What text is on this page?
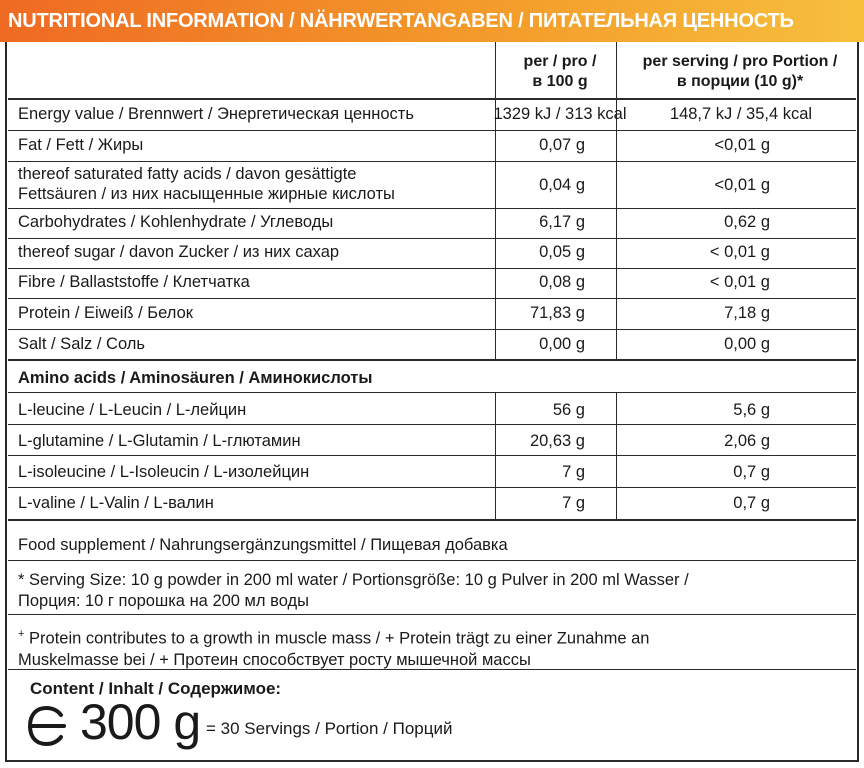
NUTRITIONAL INFORMATION / NÄHRWERTANGABEN / ПИТАТЕЛЬНАЯ ЦЕННОСТЬ
per / pro /
в 100 g
per serving / pro Portion /
в порции (10 g)*
Energy value / Brennwert / Энергетическая ценность	1329 kJ / 313 kcal	148,7 kJ / 35,4 kcal
Fat / Fett / Жиры	0,07 g	<0,01 g
thereof saturated fatty acids / davon gesättigte
Fettsäuren / из них насыщенные жирные кислоты	0,04 g	<0,01 g
Carbohydrates / Kohlenhydrate / Углеводы	6,17 g	0,62 g
thereof sugar / davon Zucker / из них сахар	0,05 g	< 0,01 g
Fibre / Ballaststoffe / Клетчатка	0,08 g	< 0,01 g
Protein / Eiweiß / Белок	71,83 g	7,18 g
Salt / Salz / Соль	0,00 g	0,00 g
Amino acids / Aminosäuren / Аминокислоты
L-leucine / L-Leucin / L-лейцин	56 g	5,6 g
L-glutamine / L-Glutamin / L-глютамин	20,63 g	2,06 g
L-isoleucine / L-Isoleucin / L-изолейцин	7 g	0,7 g
L-valine / L-Valin / L-валин	7 g	0,7 g
Food supplement / Nahrungsergänzungsmittel / Пищевая добавка
* Serving Size: 10 g powder in 200 ml water / Portionsgröße: 10 g Pulver in 200 ml Wasser /
Порция: 10 г порошка на 200 мл воды
+ Protein contributes to a growth in muscle mass / + Protein trägt zu einer Zunahme an
Muskelmasse bei / + Протеин способствует росту мышечной массы
Content / Inhalt / Содержимое:
300 g = 30 Servings / Portion / Порций
